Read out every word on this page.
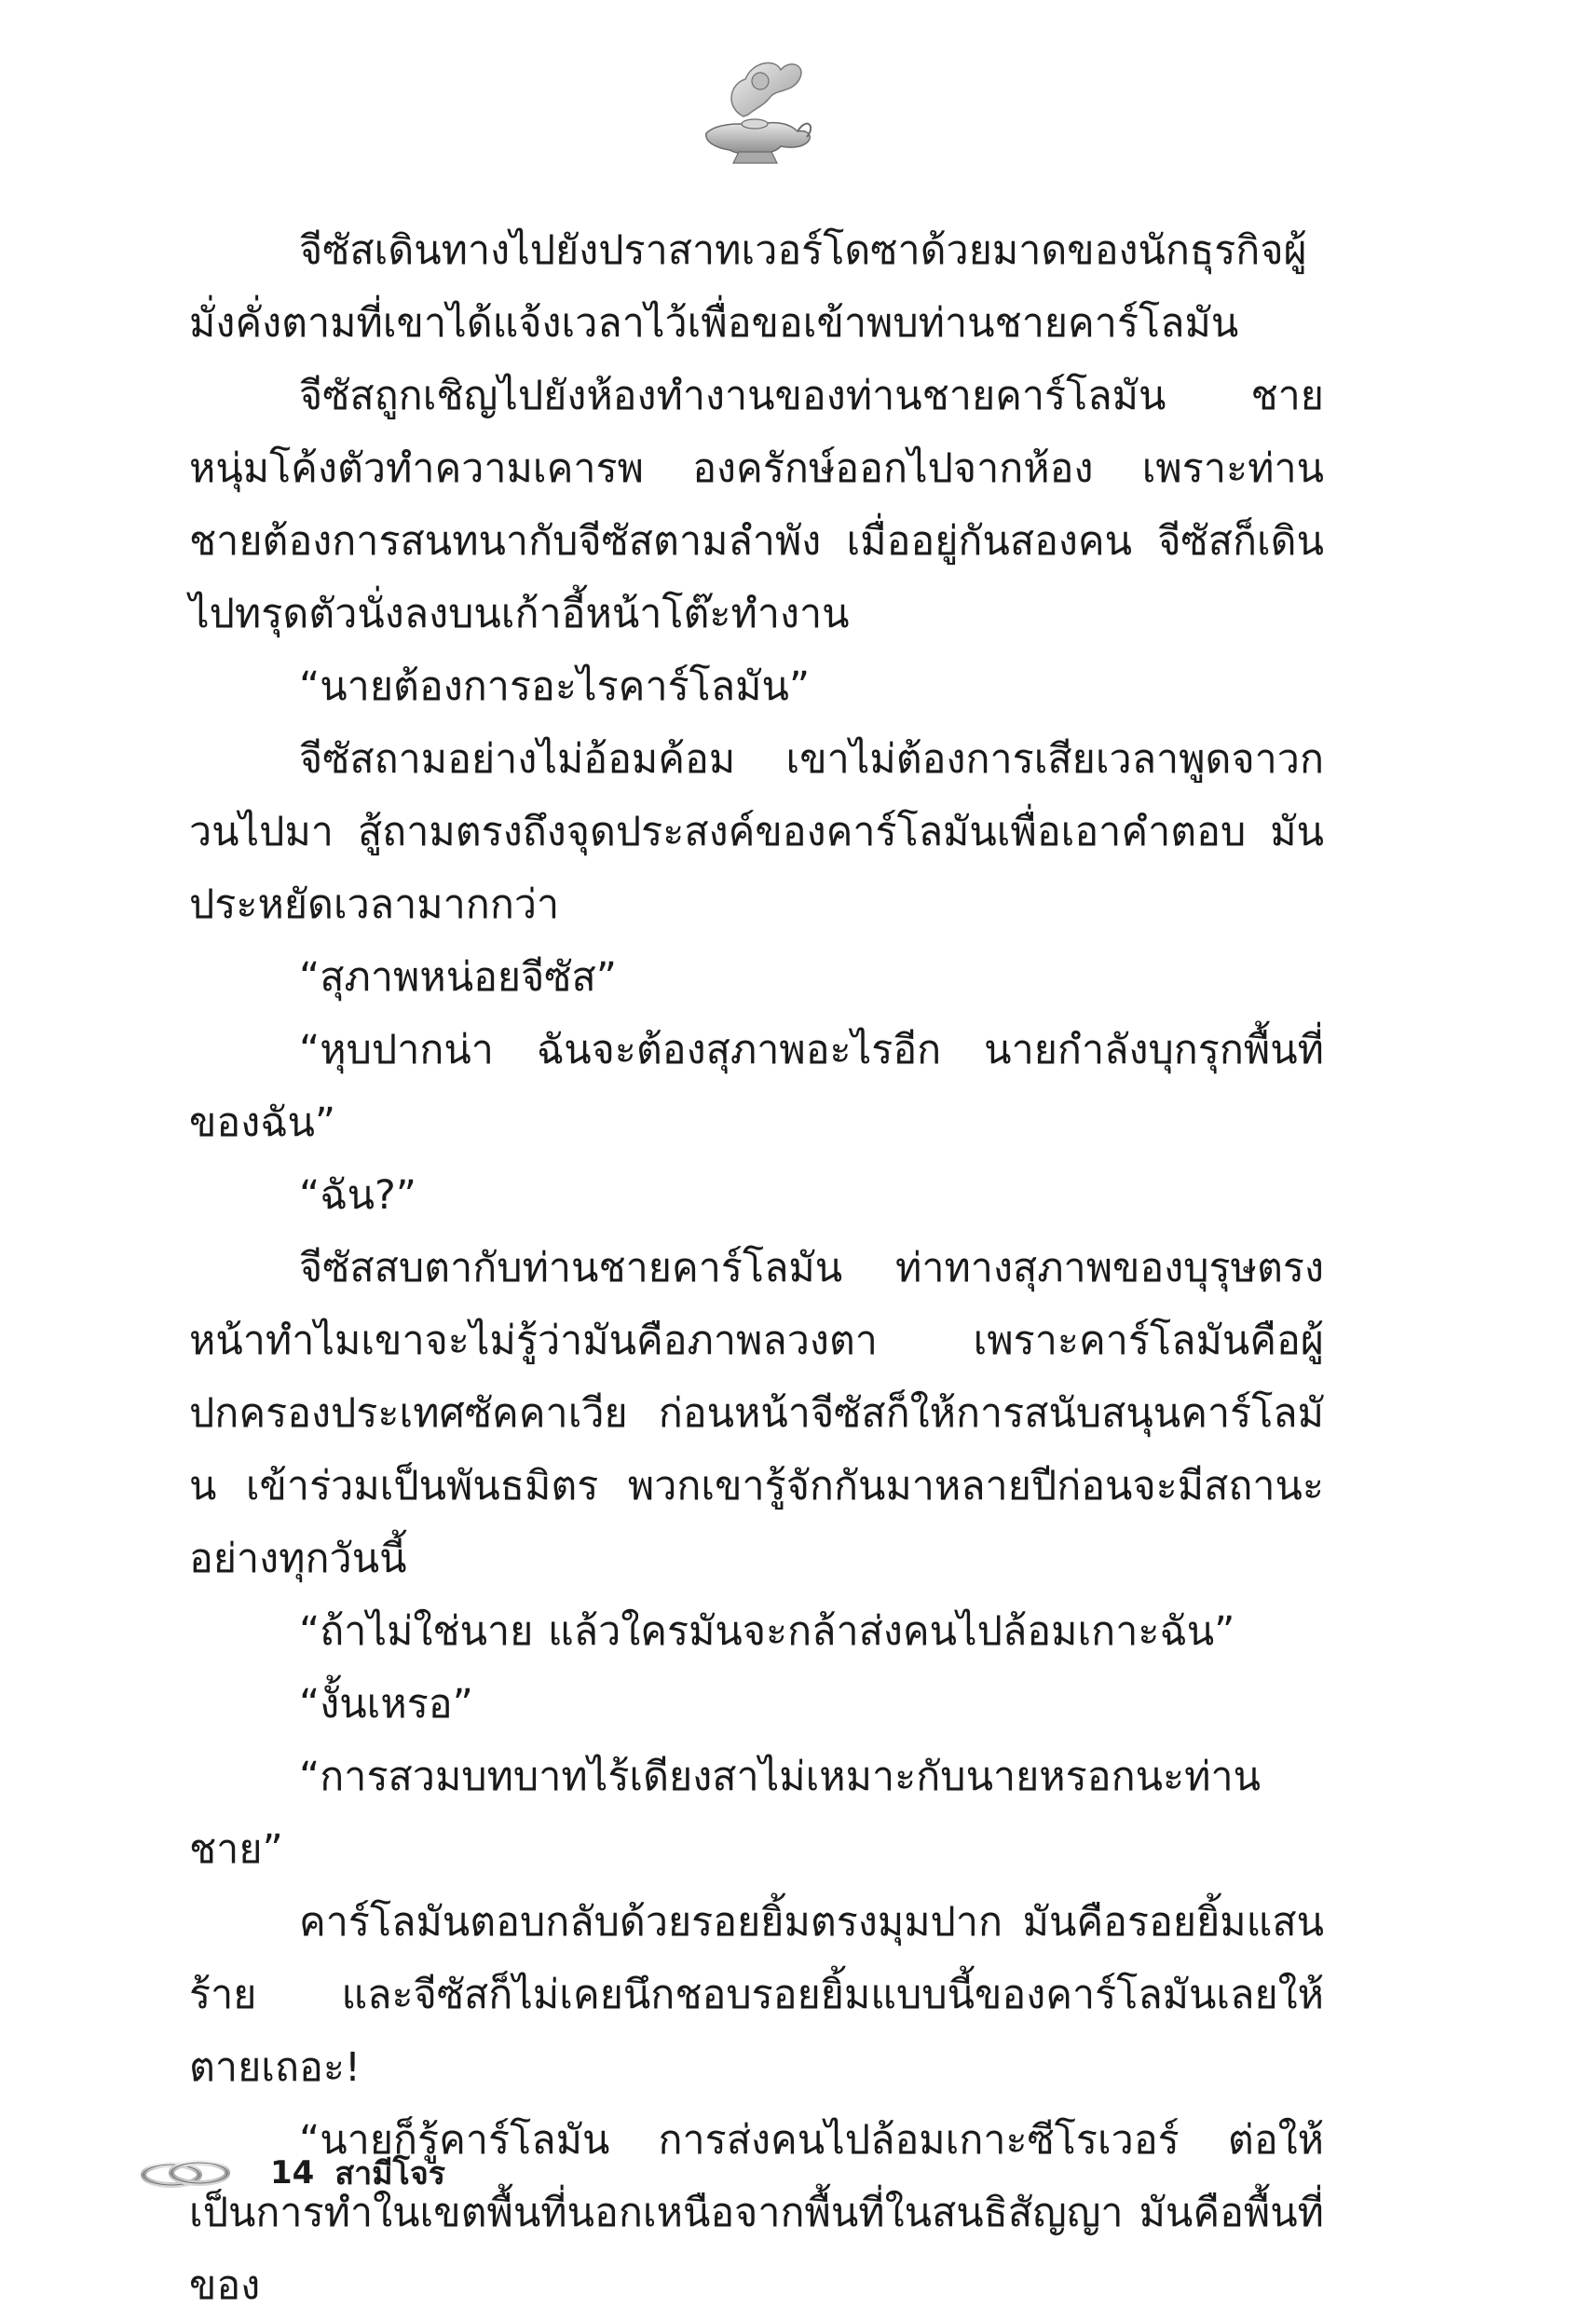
จีซัสเดินทางไปยังปราสาทเวอร์โดซาด้วยมาดของนักธุรกิจผู้มั่งคั่งตามที่เขาได้แจ้งเวลาไว้เพื่อขอเข้าพบท่านชายคาร์โลมัน

จีซัสถูกเชิญไปยังห้องทำงานของท่านชายคาร์โลมัน ชายหนุ่มโค้งตัวทำความเคารพ องครักษ์ออกไปจากห้อง เพราะท่านชายต้องการสนทนากับจีซัสตามลำพัง เมื่ออยู่กันสองคน จีซัสก็เดินไปทรุดตัวนั่งลงบนเก้าอี้หน้าโต๊ะทำงาน

“นายต้องการอะไรคาร์โลมัน”

จีซัสถามอย่างไม่อ้อมค้อม เขาไม่ต้องการเสียเวลาพูดจาวกวนไปมา สู้ถามตรงถึงจุดประสงค์ของคาร์โลมันเพื่อเอาคำตอบ มันประหยัดเวลามากกว่า

“สุภาพหน่อยจีซัส”

“หุบปากน่า ฉันจะต้องสุภาพอะไรอีก นายกำลังบุกรุกพื้นที่ของฉัน”

“ฉัน?”

จีซัสสบตากับท่านชายคาร์โลมัน ท่าทางสุภาพของบุรุษตรงหน้าทำไมเขาจะไม่รู้ว่ามันคือภาพลวงตา เพราะคาร์โลมันคือผู้ปกครองประเทศซัคคาเวีย ก่อนหน้าจีซัสก็ให้การสนับสนุนคาร์โลมัน เข้าร่วมเป็นพันธมิตร พวกเขารู้จักกันมาหลายปีก่อนจะมีสถานะอย่างทุกวันนี้

“ถ้าไม่ใช่นาย แล้วใครมันจะกล้าส่งคนไปล้อมเกาะฉัน”

“งั้นเหรอ”

“การสวมบทบาทไร้เดียงสาไม่เหมาะกับนายหรอกนะท่านชาย”

คาร์โลมันตอบกลับด้วยรอยยิ้มตรงมุมปาก มันคือรอยยิ้มแสนร้าย และจีซัสก็ไม่เคยนึกชอบรอยยิ้มแบบนี้ของคาร์โลมันเลยให้ตายเถอะ!

“นายก็รู้คาร์โลมัน การส่งคนไปล้อมเกาะซีโรเวอร์ ต่อให้เป็นการทำในเขตพื้นที่นอกเหนือจากพื้นที่ในสนธิสัญญา มันคือพื้นที่ของ

14 สามีโจร
